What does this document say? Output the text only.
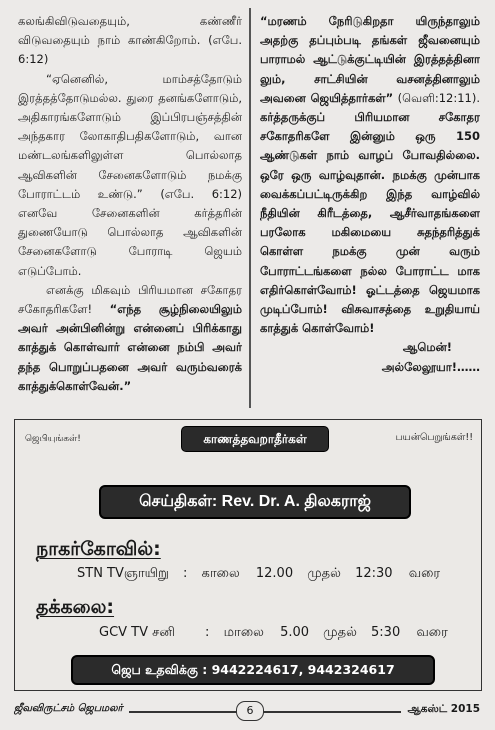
கலங்கிவிடுவதையும், கண்ணீர் விடுவதையும் நாம் காண்கிறோம். (எபே. 6:12)

“ஏனெனில், மாம்சத்தோடும் இரத்தத்தோடுமல்ல. துரை தனங்களோடும், அதிகாரங்களோடும் இப்பிரபஞ்சத்தின் அந்தகார லோகாதிபதிகளோடும், வான மண்டலங்களிலுள்ள பொல்லாத ஆவிகளின் சேனைகளோடும் நமக்கு போராட்டம் உண்டு.” (எபே. 6:12) எனவே சேனைகளின் கர்த்தரின் துணையோடு பொல்லாத ஆவிகளின் சேனைகளோடு போராடி ஜெயம் எடுப்போம்.

எனக்கு மிகவும் பிரியமான சகோதர சகோதரிகளே! “எந்த சூழ்நிலையிலும் அவர் அன்பினின்று என்னைப் பிரிக்காது காத்துக் கொள்வார் என்னை நம்பி அவர் தந்த பொறுப்பதனை அவர் வரும்வரைக் காத்துக்கொள்வேன்.”

“மரணம் நேரிடுகிறதா யிருந்தாலும் அதற்கு தப்பும்படி தங்கள் ஜீவனையும் பாராமல் ஆட்டுக்குட்டியின் இரத்தத்தினா லும், சாட்சியின் வசனத்தினாலும் அவனை ஜெயித்தார்கள்” (வெளி:12:11). கர்த்தருக்குப் பிரியமான சகோதர சகோதரிகளே இன்னும் ஒரு 150 ஆண்டுகள் நாம் வாழப் போவதில்லை. ஒரே ஒரு வாழ்வுதான். நமக்கு முன்பாக வைக்கப்பட்டிருக்கிற இந்த வாழ்வில் நீதியின் கிரீடத்தை, ஆசீர்வாதங்களை பரலோக மகிமையை சுதந்தரித்துக் கொள்ள நமக்கு முன் வரும் போராட்டங்களை நல்ல போராட்ட மாக எதிர்கொள்வோம்! ஓட்டத்தை ஜெயமாக முடிப்போம்! விசுவாசத்தை உறுதியாய் காத்துக் கொள்வோம்!

ஆமென்!
அல்லேலூயா!……
ஜெபியுங்கள்!	காணத்தவறாதீர்கள்	பயன்பெறுங்கள்!!
செய்திகள்: Rev. Dr. A. திலகராஜ்
நாகர்கோவில்:
STN TVஞாயிறு : காலை 12.00 முதல் 12:30 வரை
தக்கலை:
GCV TV சனி : மாலை 5.00 முதல் 5:30 வரை
ஜெப உதவிக்கு : 9442224617, 9442324617
ஜீவவிருட்சம் ஜெபமலர்	6	ஆகஸ்ட் 2015
